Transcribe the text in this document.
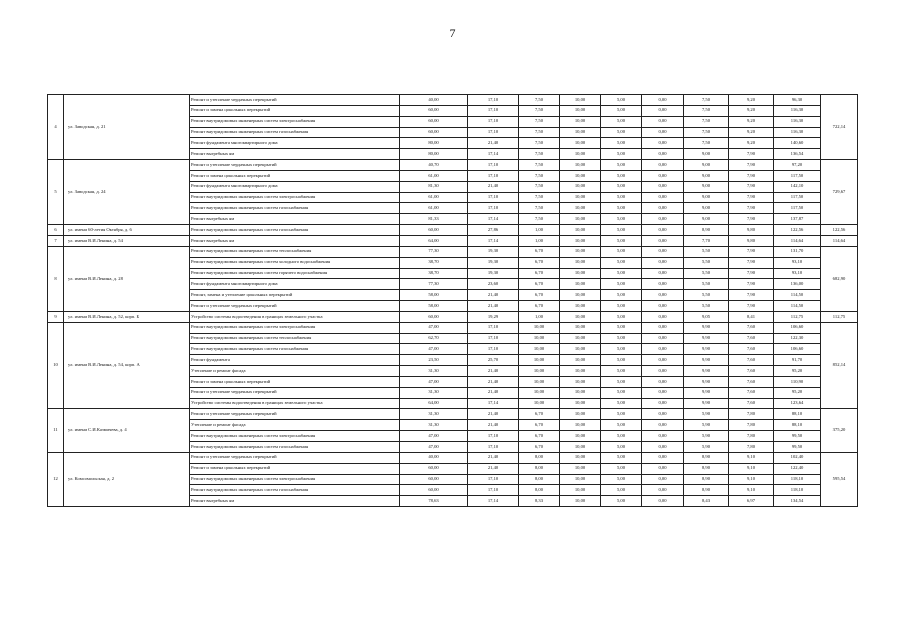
7
4	ул. Заводская, д. 21	Ремонт и утепление чердачных перекрытий	40,00	17,10	7,50	10,00	5,00	0,00	7,50	9,20	96,30	722,14
		Ремонт и замена цокольных перекрытий	60,00	17,10	7,50	10,00	5,00	0,00	7,50	9,20	116,30	
		Ремонт внутридомовых инженерных систем электроснабжения	60,00	17,10	7,50	10,00	5,00	0,00	7,50	9,20	116,30	
		Ремонт внутридомовых инженерных систем газоснабжения	60,00	17,10	7,50	10,00	5,00	0,00	7,50	9,20	116,30	
		Ремонт фундамента многоквартирного дома	80,00	21,40	7,50	10,00	5,00	0,00	7,50	9,20	140,60	
		Ремонт выгребных ям	80,00	17,14	7,50	10,00	5,00	0,00	9,00	7,90	136,54	
5	ул. Заводская, д. 24	Ремонт и утепление чердачных перекрытий	40,70	17,10	7,50	10,00	5,00	0,00	9,00	7,90	97,20	729,67
		Ремонт и замена цокольных перекрытий	61,00	17,10	7,50	10,00	5,00	0,00	9,00	7,90	117,50	
		Ремонт фундамента многоквартирного дома	81,30	21,40	7,50	10,00	5,00	0,00	9,00	7,90	142,10	
		Ремонт внутридомовых инженерных систем электроснабжения	61,00	17,10	7,50	10,00	5,00	0,00	9,00	7,90	117,50	
		Ремонт внутридомовых инженерных систем газоснабжения	61,00	17,10	7,50	10,00	5,00	0,00	9,00	7,90	117,50	
		Ремонт выгребных ям	81,33	17,14	7,50	10,00	5,00	0,00	9,00	7,90	137,87	
6	ул. имени 60-летия Октября, д. 6	Ремонт внутридомовых инженерных систем газоснабжения	60,00	27,86	1,00	10,00	5,00	0,00	8,90	9,80	122,56	122,56
7	ул. имени В.И.Ленина, д. 54	Ремонт выгребных ям	64,00	17,14	1,00	10,00	5,00	0,00	7,70	9,80	114,64	114,64
8	ул. имени В.И.Ленина, д. 28	Ремонт внутридомовых инженерных систем теплоснабжения	77,30	19,30	6,70	10,00	5,00	0,00	5,50	7,90	131,70	682,90
		Ремонт внутридомовых инженерных систем холодного водоснабжения	38,70	19,30	6,70	10,00	5,00	0,00	5,50	7,90	93,10	
		Ремонт внутридомовых инженерных систем горячего водоснабжения	38,70	19,30	6,70	10,00	5,00	0,00	5,50	7,90	93,10	
		Ремонт фундамента многоквартирного дома	77,30	23,60	6,70	10,00	5,00	0,00	5,50	7,90	136,00	
		Ремонт, замена и утепление цокольных перекрытий	58,00	21,40	6,70	10,00	5,00	0,00	5,50	7,90	114,50	
		Ремонт и утепление чердачных перекрытий	58,00	21,40	6,70	10,00	5,00	0,00	5,50	7,90	114,50	
9	ул. имени В.И.Ленина, д. 52, корп. Б	Устройство системы водоотведения в границах земельного участка	60,00	19,29	1,00	10,00	5,00	0,00	9,05	8,41	112,75	112,75
10	ул. имени В.И.Ленина, д. 54, корп. А	Ремонт внутридомовых инженерных систем электроснабжения	47,00	17,10	10,00	10,00	5,00	0,00	9,90	7,60	106,60	852,14
		Ремонт внутридомовых инженерных систем теплоснабжения	62,70	17,10	10,00	10,00	5,00	0,00	9,90	7,60	122,30	
		Ремонт внутридомовых инженерных систем газоснабжения	47,00	17,10	10,00	10,00	5,00	0,00	9,90	7,60	106,60	
		Ремонт фундамента	23,50	25,70	10,00	10,00	5,00	0,00	9,90	7,60	91,70	
		Утепление и ремонт фасада	31,30	21,40	10,00	10,00	5,00	0,00	9,90	7,60	95,20	
		Ремонт и замена цокольных перекрытий	47,00	21,40	10,00	10,00	5,00	0,00	9,90	7,60	110,90	
		Ремонт и утепление чердачных перекрытий	31,30	21,40	10,00	10,00	5,00	0,00	9,90	7,60	95,20	
		Устройство системы водоотведения в границах земельного участка	64,00	17,14	10,00	10,00	5,00	0,00	9,90	7,60	123,64	
11	ул. имени С.И.Казмичева, д. 4	Ремонт и утепление чердачных перекрытий	31,30	21,40	6,70	10,00	5,00	0,00	5,90	7,80	88,10	375,20
		Утепление и ремонт фасада	31,30	21,40	6,70	10,00	5,00	0,00	5,90	7,80	88,10	
		Ремонт внутридомовых инженерных систем электроснабжения	47,00	17,10	6,70	10,00	5,00	0,00	5,90	7,80	99,50	
		Ремонт внутридомовых инженерных систем газоснабжения	47,00	17,10	6,70	10,00	5,00	0,00	5,90	7,80	99,50	
12	ул. Комсомольская, д. 2	Ремонт и утепление чердачных перекрытий	40,00	21,40	8,00	10,00	5,00	0,00	8,90	9,10	102,40	595,54
		Ремонт и замена цокольных перекрытий	60,00	21,40	8,00	10,00	5,00	0,00	8,90	9,10	122,40	
		Ремонт внутридомовых инженерных систем электроснабжения	60,00	17,10	8,00	10,00	5,00	0,00	8,90	9,10	118,10	
		Ремонт внутридомовых инженерных систем газоснабжения	60,00	17,10	8,00	10,00	5,00	0,00	8,90	9,10	118,10	
		Ремонт выгребных ям	78,63	17,14	8,33	10,00	5,00	0,00	8,43	6,97	134,54	
